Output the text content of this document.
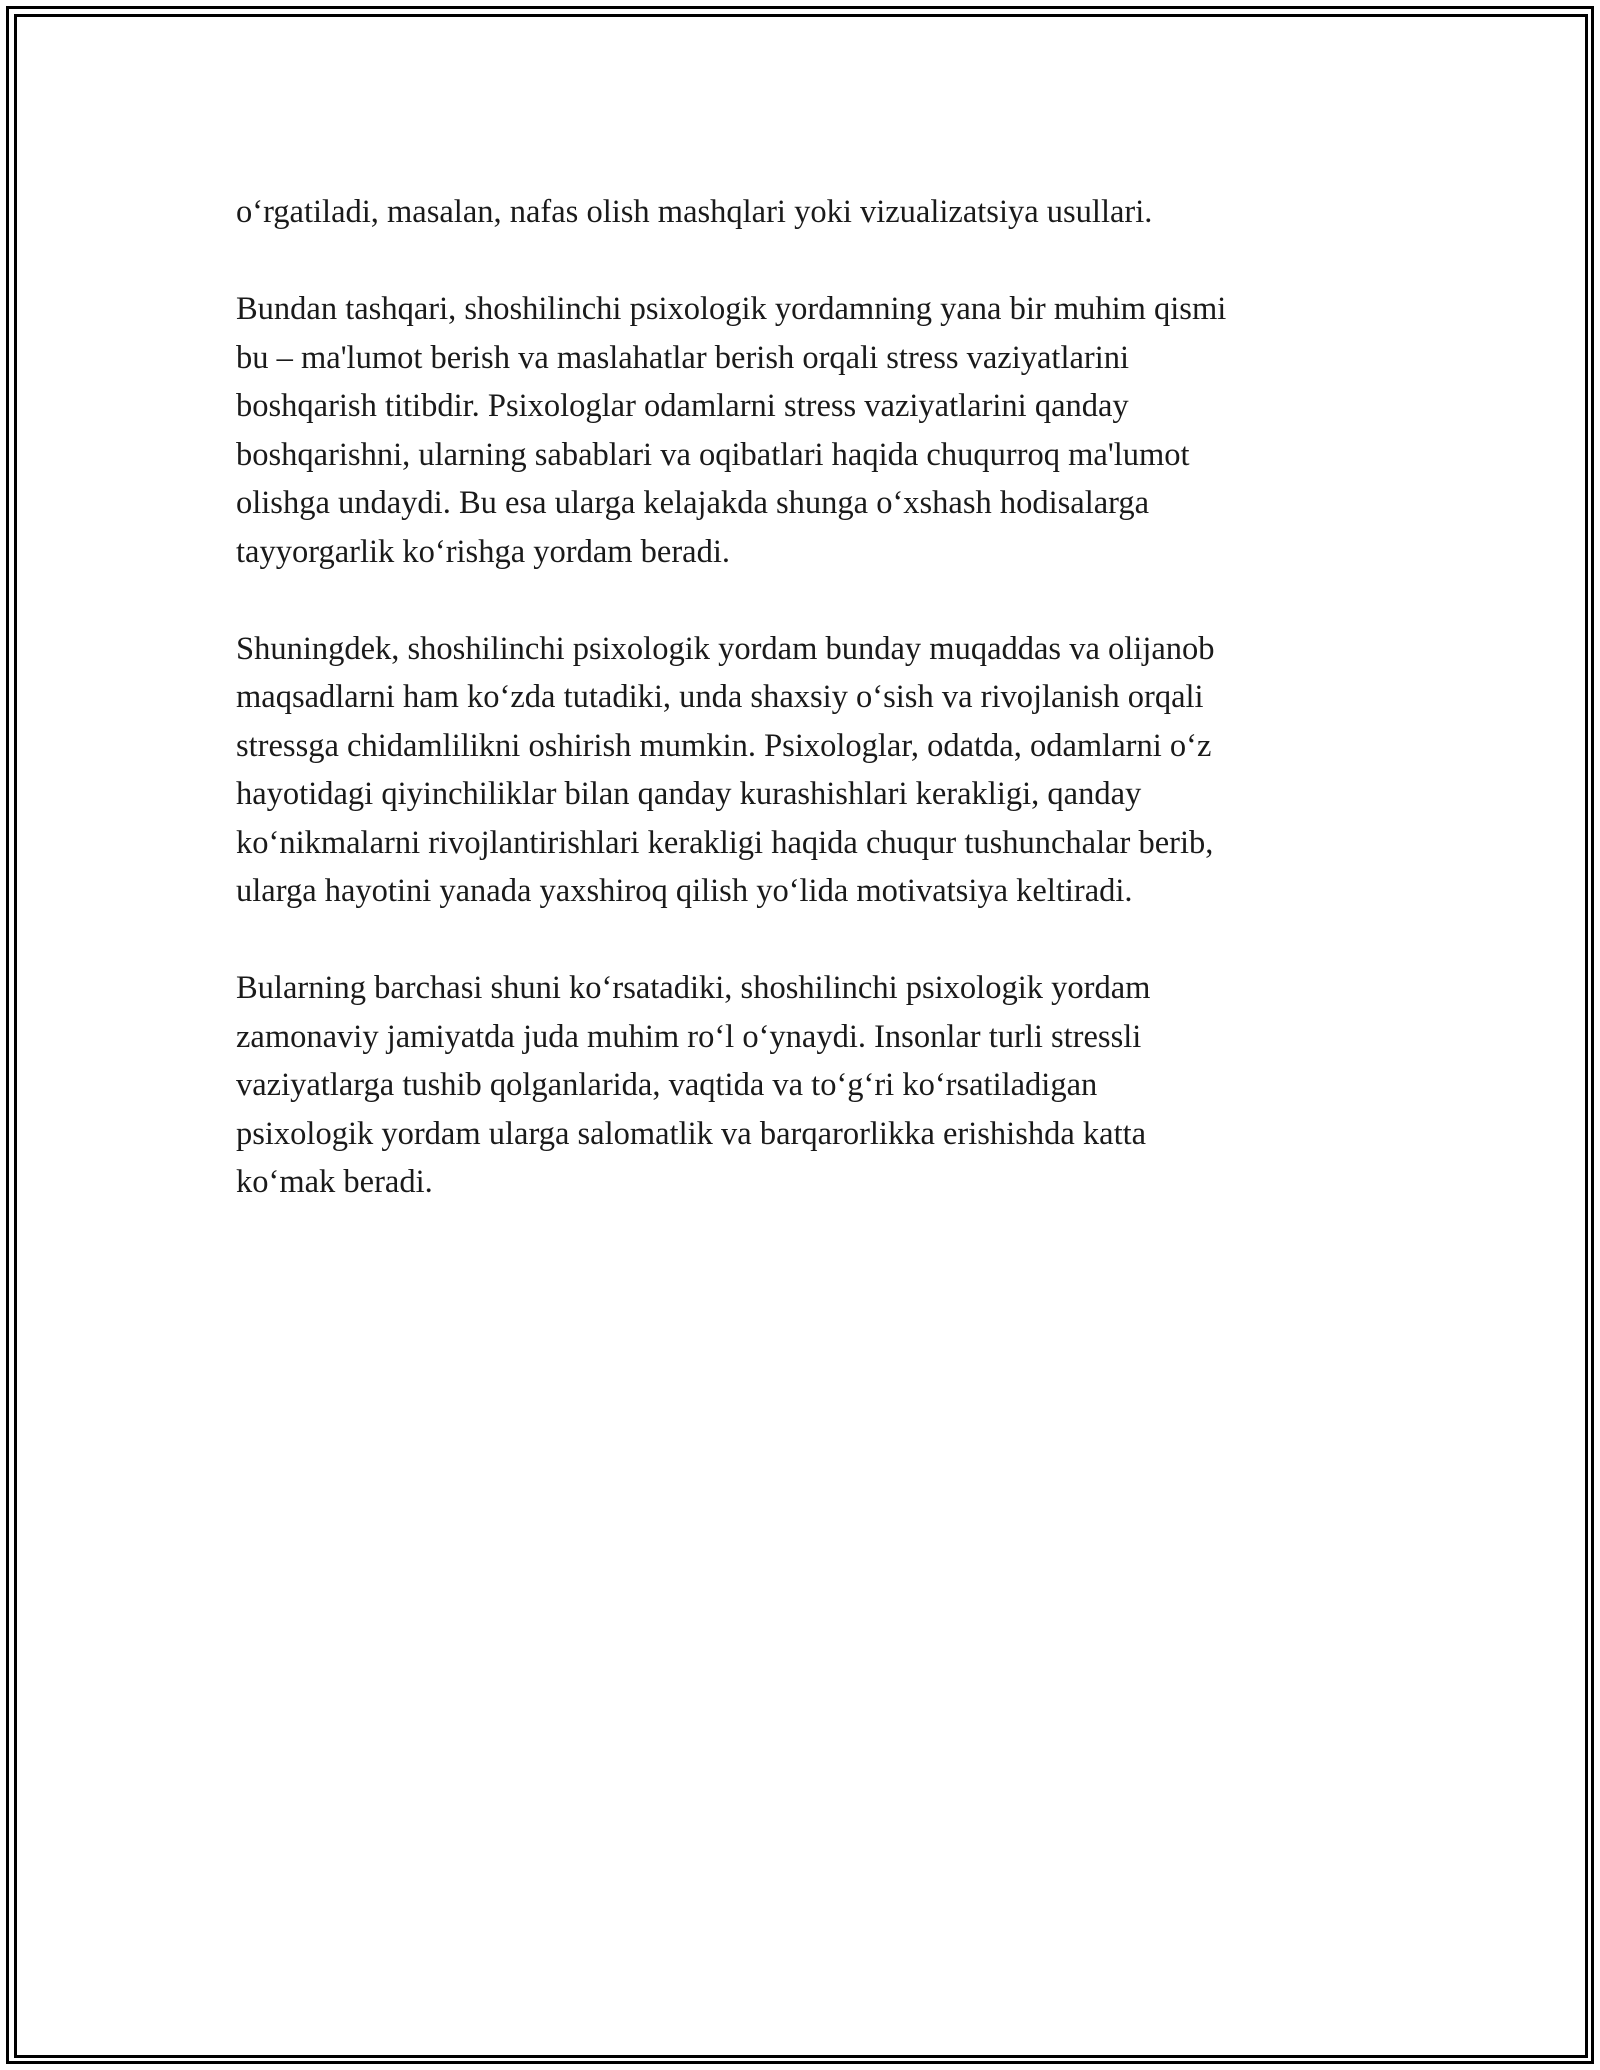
oʻrgatiladi, masalan, nafas olish mashqlari yoki vizualizatsiya usullari.

Bundan tashqari, shoshilinchi psixologik yordamning yana bir muhim qismi
bu – ma'lumot berish va maslahatlar berish orqali stress vaziyatlarini
boshqarish titibdir. Psixologlar odamlarni stress vaziyatlarini qanday
boshqarishni, ularning sabablari va oqibatlari haqida chuqurroq ma'lumot
olishga undaydi. Bu esa ularga kelajakda shunga oʻxshash hodisalarga
tayyorgarlik koʻrishga yordam beradi.

Shuningdek, shoshilinchi psixologik yordam bunday muqaddas va olijanob
maqsadlarni ham koʻzda tutadiki, unda shaxsiy oʻsish va rivojlanish orqali
stressga chidamlilikni oshirish mumkin. Psixologlar, odatda, odamlarni oʻz
hayotidagi qiyinchiliklar bilan qanday kurashishlari kerakligi, qanday
koʻnikmalarni rivojlantirishlari kerakligi haqida chuqur tushunchalar berib,
ularga hayotini yanada yaxshiroq qilish yoʻlida motivatsiya keltiradi.

Bularning barchasi shuni koʻrsatadiki, shoshilinchi psixologik yordam
zamonaviy jamiyatda juda muhim roʻl oʻynaydi. Insonlar turli stressli
vaziyatlarga tushib qolganlarida, vaqtida va toʻgʻri koʻrsatiladigan
psixologik yordam ularga salomatlik va barqarorlikka erishishda katta
koʻmak beradi.
